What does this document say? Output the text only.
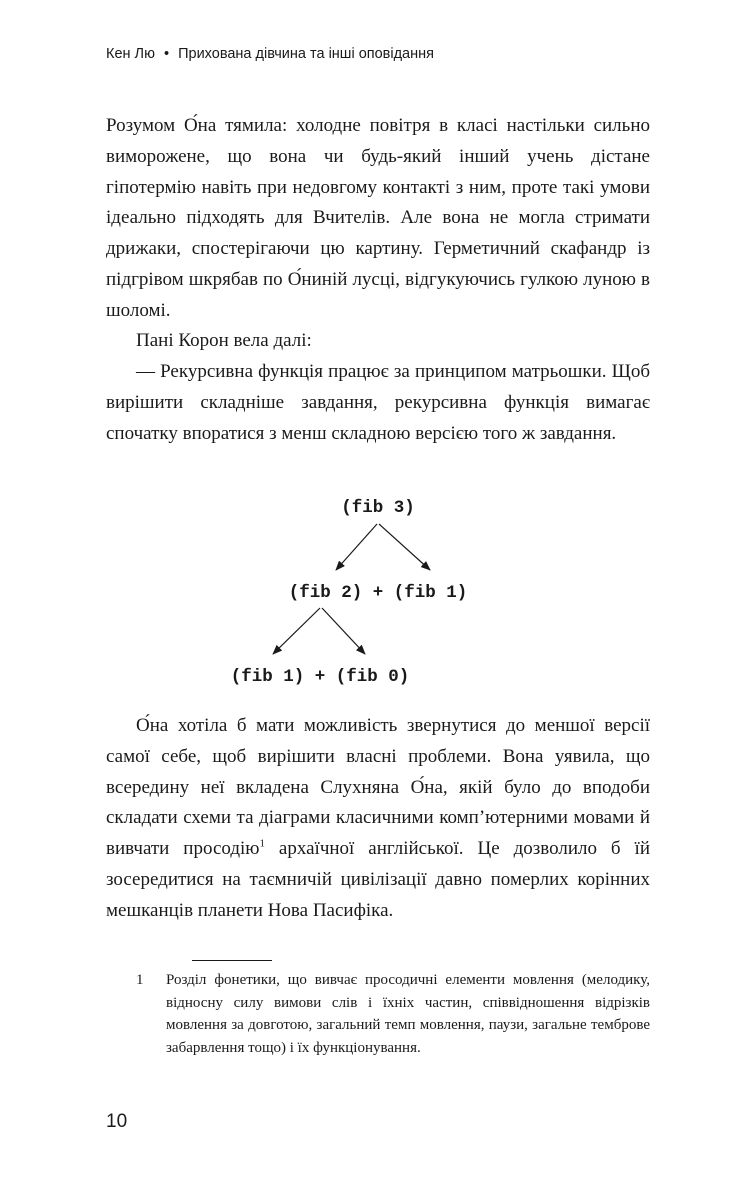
Кен Лю • Прихована дівчина та інші оповідання

Розумом О́на тямила: холодне повітря в класі настільки сильно виморожене, що вона чи будь-який інший учень дістане гіпотермію навіть при недовгому контакті з ним, проте такі умови ідеально підходять для Вчителів. Але вона не могла стримати дрижаки, спостерігаючи цю картину. Герметичний скафандр із підгрівом шкрябав по О́ниній лусці, відгукуючись гулкою луною в шоломі.

Пані Корон вела далі:

— Рекурсивна функція працює за принципом матрьошки. Щоб вирішити складніше завдання, рекурсивна функція вимагає спочатку впоратися з менш складною версією того ж завдання.

(fib 3)
(fib 2) + (fib 1)
(fib 1) + (fib 0)

О́на хотіла б мати можливість звернутися до меншої версії самої себе, щоб вирішити власні проблеми. Вона уявила, що всередину неї вкладена Слухняна О́на, якій було до вподоби складати схеми та діаграми класичними комп’ютерними мовами й вивчати просодію$^1$ архаїчної англійської. Це дозволило б їй зосередитися на таємничій цивілізації давно померлих корінних мешканців планети Нова Пасифіка.

1 Розділ фонетики, що вивчає просодичні елементи мовлення (мелодику, відносну силу вимови слів і їхніх частин, співвідношення відрізків мовлення за довготою, загальний темп мовлення, паузи, загальне темброве забарвлення тощо) і їх функціонування.
10
